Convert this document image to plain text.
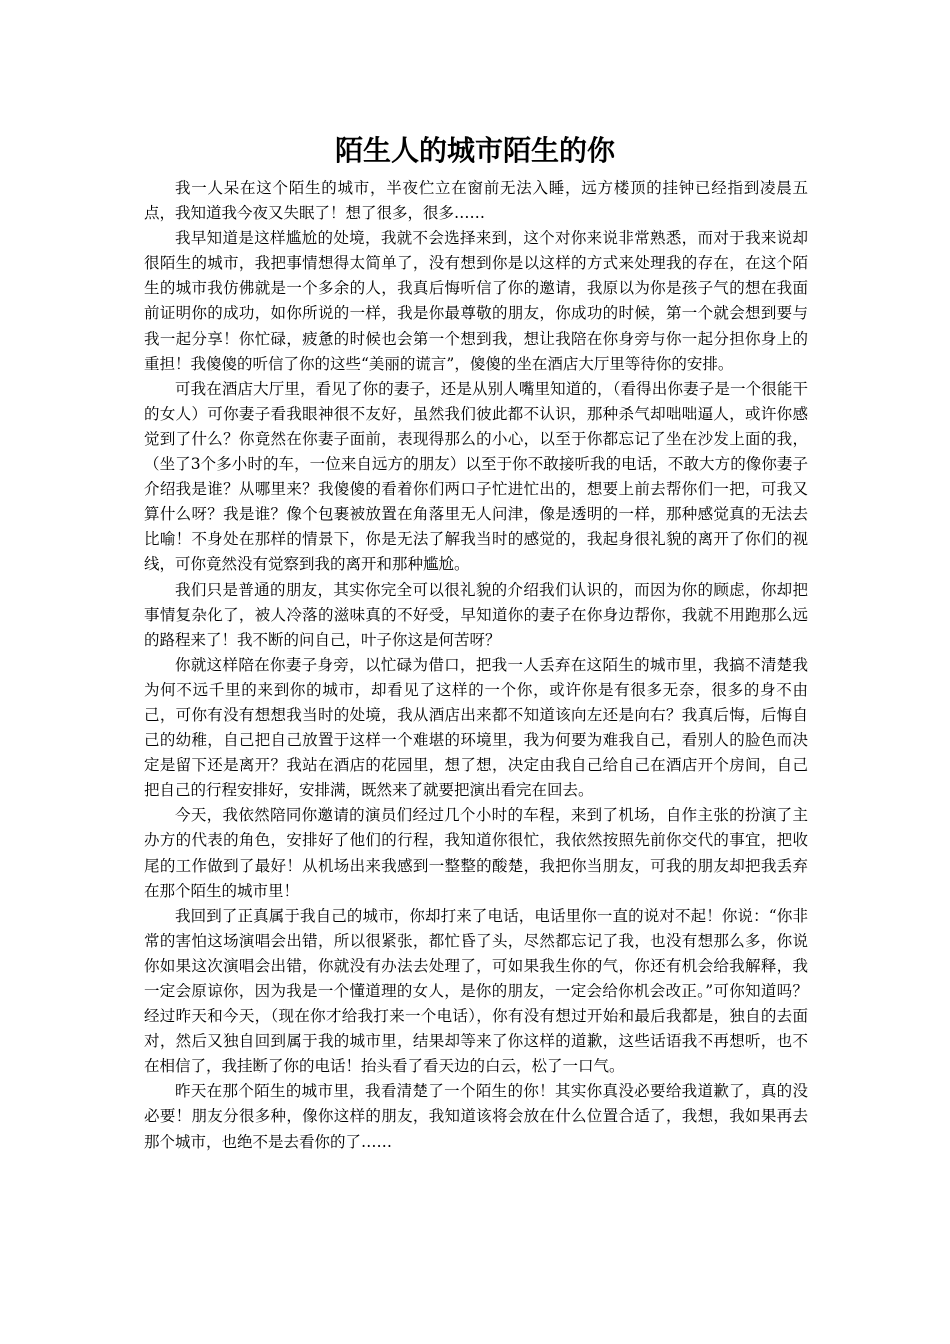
陌生人的城市陌生的你

我一人呆在这个陌生的城市，半夜伫立在窗前无法入睡，远方楼顶的挂钟已经指到凌晨五点，我知道我今夜又失眠了！想了很多，很多……

我早知道是这样尴尬的处境，我就不会选择来到，这个对你来说非常熟悉，而对于我来说却很陌生的城市，我把事情想得太简单了，没有想到你是以这样的方式来处理我的存在，在这个陌生的城市我仿佛就是一个多余的人，我真后悔听信了你的邀请，我原以为你是孩子气的想在我面前证明你的成功，如你所说的一样，我是你最尊敬的朋友，你成功的时候，第一个就会想到要与我一起分享！你忙碌，疲惫的时候也会第一个想到我，想让我陪在你身旁与你一起分担你身上的重担！我傻傻的听信了你的这些“美丽的谎言”，傻傻的坐在酒店大厅里等待你的安排。

可我在酒店大厅里，看见了你的妻子，还是从别人嘴里知道的，（看得出你妻子是一个很能干的女人）可你妻子看我眼神很不友好，虽然我们彼此都不认识，那种杀气却咄咄逼人，或许你感觉到了什么？你竟然在你妻子面前，表现得那么的小心，以至于你都忘记了坐在沙发上面的我，（坐了3个多小时的车，一位来自远方的朋友）以至于你不敢接听我的电话，不敢大方的像你妻子介绍我是谁？从哪里来？我傻傻的看着你们两口子忙进忙出的，想要上前去帮你们一把，可我又算什么呀？我是谁？像个包裹被放置在角落里无人问津，像是透明的一样，那种感觉真的无法去比喻！不身处在那样的情景下，你是无法了解我当时的感觉的，我起身很礼貌的离开了你们的视线，可你竟然没有觉察到我的离开和那种尴尬。

我们只是普通的朋友，其实你完全可以很礼貌的介绍我们认识的，而因为你的顾虑，你却把事情复杂化了，被人冷落的滋味真的不好受，早知道你的妻子在你身边帮你，我就不用跑那么远的路程来了！我不断的问自己，叶子你这是何苦呀？

你就这样陪在你妻子身旁，以忙碌为借口，把我一人丢弃在这陌生的城市里，我搞不清楚我为何不远千里的来到你的城市，却看见了这样的一个你，或许你是有很多无奈，很多的身不由己，可你有没有想想我当时的处境，我从酒店出来都不知道该向左还是向右？我真后悔，后悔自己的幼稚，自己把自己放置于这样一个难堪的环境里，我为何要为难我自己，看别人的脸色而决定是留下还是离开？我站在酒店的花园里，想了想，决定由我自己给自己在酒店开个房间，自己把自己的行程安排好，安排满，既然来了就要把演出看完在回去。

今天，我依然陪同你邀请的演员们经过几个小时的车程，来到了机场，自作主张的扮演了主办方的代表的角色，安排好了他们的行程，我知道你很忙，我依然按照先前你交代的事宜，把收尾的工作做到了最好！从机场出来我感到一整整的酸楚，我把你当朋友，可我的朋友却把我丢弃在那个陌生的城市里！

我回到了正真属于我自己的城市，你却打来了电话，电话里你一直的说对不起！你说：“你非常的害怕这场演唱会出错，所以很紧张，都忙昏了头，尽然都忘记了我，也没有想那么多，你说你如果这次演唱会出错，你就没有办法去处理了，可如果我生你的气，你还有机会给我解释，我一定会原谅你，因为我是一个懂道理的女人，是你的朋友，一定会给你机会改正。”可你知道吗？经过昨天和今天，（现在你才给我打来一个电话），你有没有想过开始和最后我都是，独自的去面对，然后又独自回到属于我的城市里，结果却等来了你这样的道歉，这些话语我不再想听，也不在相信了，我挂断了你的电话！抬头看了看天边的白云，松了一口气。

昨天在那个陌生的城市里，我看清楚了一个陌生的你！其实你真没必要给我道歉了，真的没必要！朋友分很多种，像你这样的朋友，我知道该将会放在什么位置合适了，我想，我如果再去那个城市，也绝不是去看你的了……
